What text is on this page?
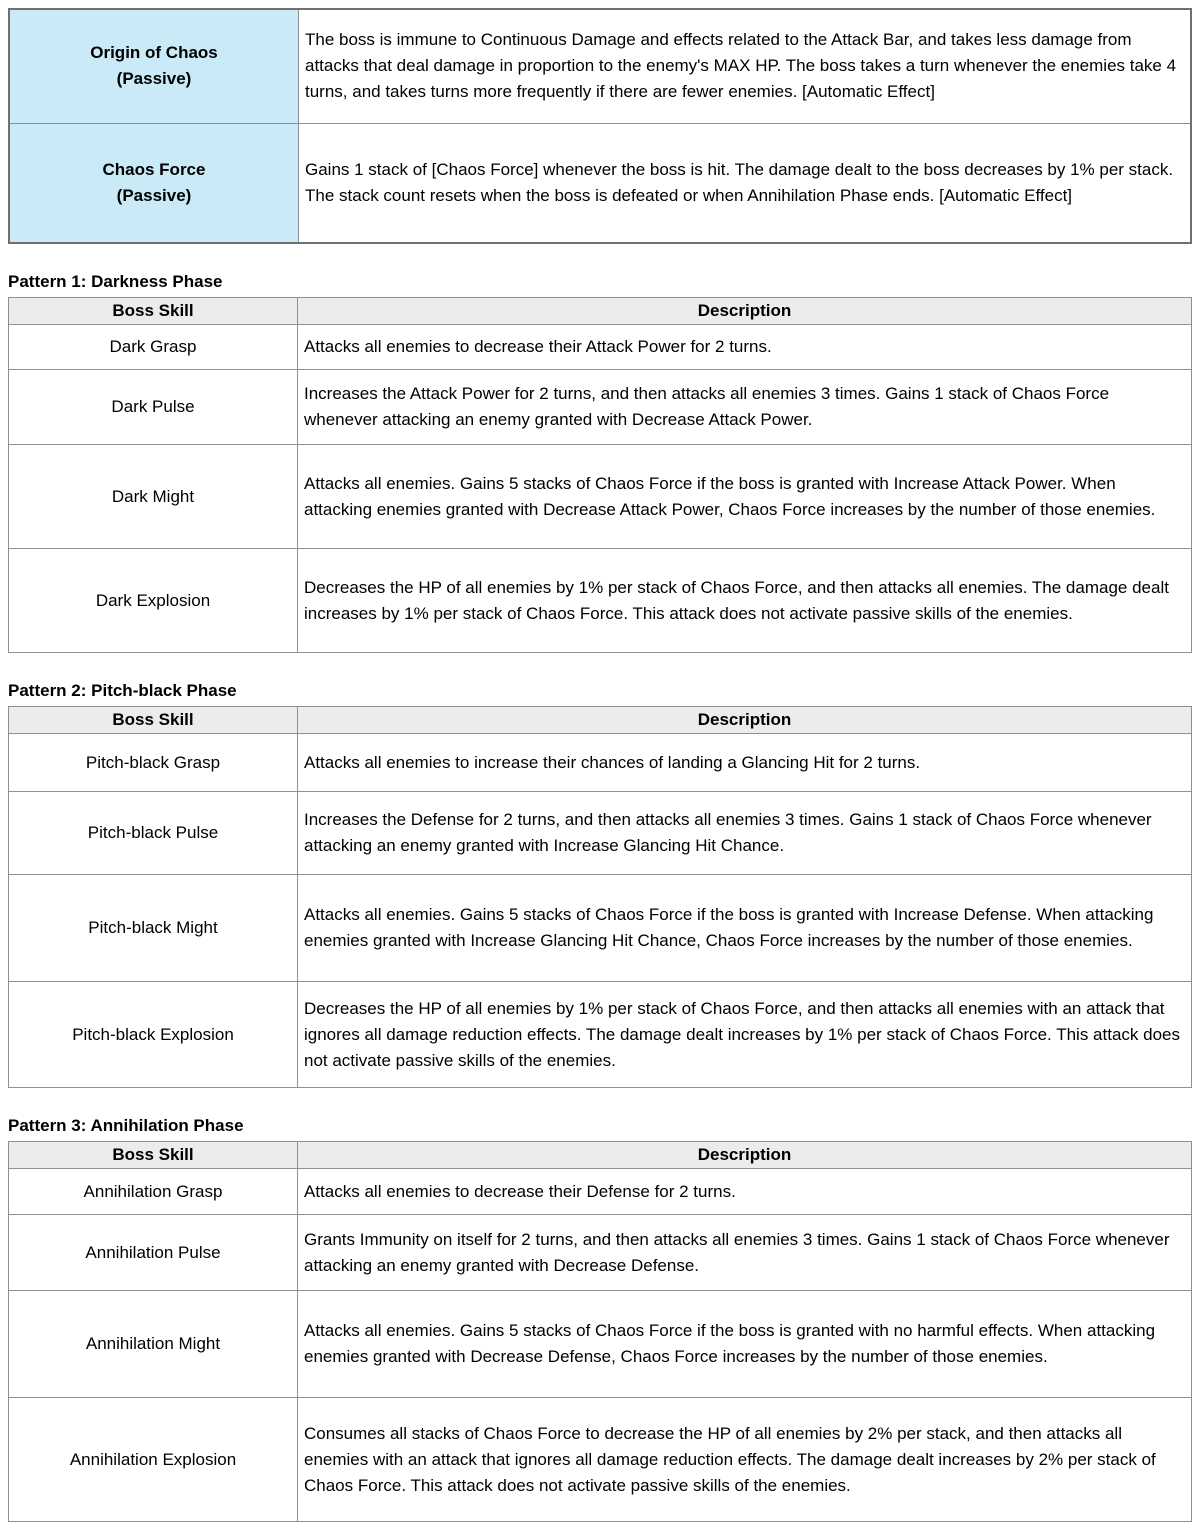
Origin of Chaos
(Passive)	The boss is immune to Continuous Damage and effects related to the Attack Bar, and takes less damage from attacks that deal damage in proportion to the enemy's MAX HP. The boss takes a turn whenever the enemies take 4 turns, and takes turns more frequently if there are fewer enemies. [Automatic Effect]

Chaos Force
(Passive)	Gains 1 stack of [Chaos Force] whenever the boss is hit. The damage dealt to the boss decreases by 1% per stack. The stack count resets when the boss is defeated or when Annihilation Phase ends. [Automatic Effect]
Pattern 1: Darkness Phase
Boss Skill	Description
Dark Grasp	Attacks all enemies to decrease their Attack Power for 2 turns.
Dark Pulse	Increases the Attack Power for 2 turns, and then attacks all enemies 3 times. Gains 1 stack of Chaos Force whenever attacking an enemy granted with Decrease Attack Power.
Dark Might	Attacks all enemies. Gains 5 stacks of Chaos Force if the boss is granted with Increase Attack Power. When attacking enemies granted with Decrease Attack Power, Chaos Force increases by the number of those enemies.
Dark Explosion	Decreases the HP of all enemies by 1% per stack of Chaos Force, and then attacks all enemies. The damage dealt increases by 1% per stack of Chaos Force. This attack does not activate passive skills of the enemies.
Pattern 2: Pitch-black Phase
Boss Skill	Description
Pitch-black Grasp	Attacks all enemies to increase their chances of landing a Glancing Hit for 2 turns.
Pitch-black Pulse	Increases the Defense for 2 turns, and then attacks all enemies 3 times. Gains 1 stack of Chaos Force whenever attacking an enemy granted with Increase Glancing Hit Chance.
Pitch-black Might	Attacks all enemies. Gains 5 stacks of Chaos Force if the boss is granted with Increase Defense. When attacking enemies granted with Increase Glancing Hit Chance, Chaos Force increases by the number of those enemies.
Pitch-black Explosion	Decreases the HP of all enemies by 1% per stack of Chaos Force, and then attacks all enemies with an attack that ignores all damage reduction effects. The damage dealt increases by 1% per stack of Chaos Force. This attack does not activate passive skills of the enemies.
Pattern 3: Annihilation Phase
Boss Skill	Description
Annihilation Grasp	Attacks all enemies to decrease their Defense for 2 turns.
Annihilation Pulse	Grants Immunity on itself for 2 turns, and then attacks all enemies 3 times. Gains 1 stack of Chaos Force whenever attacking an enemy granted with Decrease Defense.
Annihilation Might	Attacks all enemies. Gains 5 stacks of Chaos Force if the boss is granted with no harmful effects. When attacking enemies granted with Decrease Defense, Chaos Force increases by the number of those enemies.
Annihilation Explosion	Consumes all stacks of Chaos Force to decrease the HP of all enemies by 2% per stack, and then attacks all enemies with an attack that ignores all damage reduction effects. The damage dealt increases by 2% per stack of Chaos Force. This attack does not activate passive skills of the enemies.
